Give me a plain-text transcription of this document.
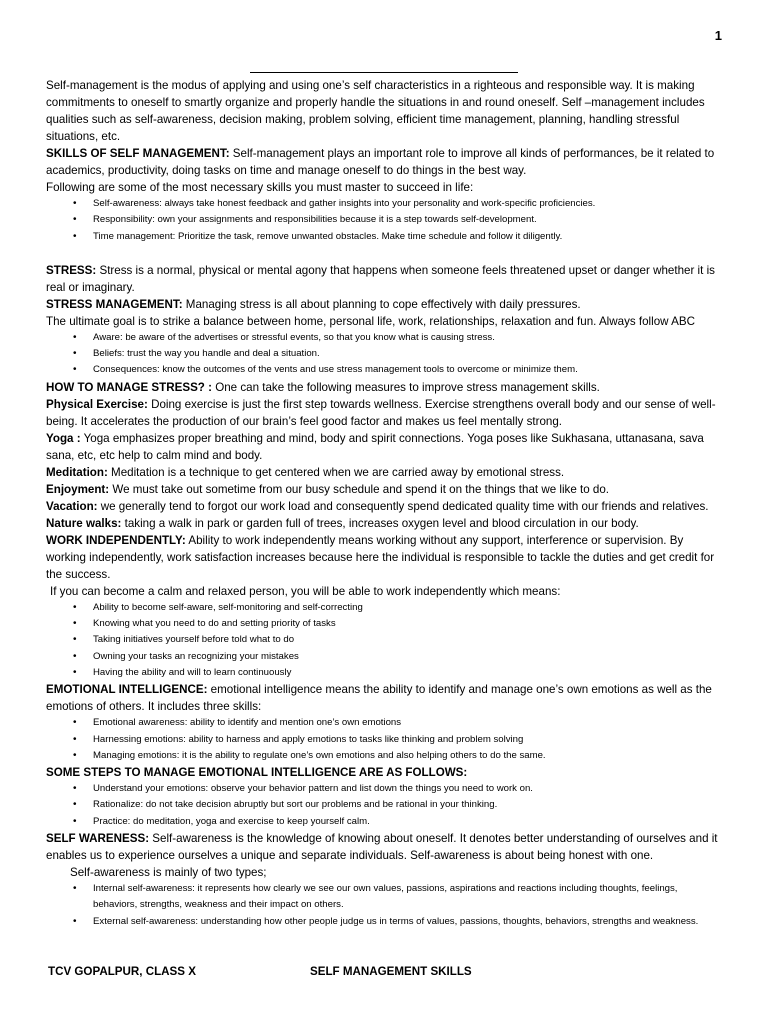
1

Self-management is the modus of applying and using one’s self characteristics in a righteous and responsible way. It is making commitments to oneself to smartly organize and properly handle the situations in and round oneself. Self –management includes qualities such as self-awareness, decision making, problem solving, efficient time management, planning, handling stressful situations, etc.

SKILLS OF SELF MANAGEMENT: Self-management plays an important role to improve all kinds of performances, be it related to academics, productivity, doing tasks on time and manage oneself to do things in the best way.

Following are some of the most necessary skills you must master to succeed in life:

• Self-awareness: always take honest feedback and gather insights into your personality and work-specific proficiencies.
• Responsibility: own your assignments and responsibilities because it is a step towards self-development.
• Time management: Prioritize the task, remove unwanted obstacles. Make time schedule and follow it diligently.

STRESS: Stress is a normal, physical or mental agony that happens when someone feels threatened upset or danger whether it is real or imaginary.

STRESS MANAGEMENT: Managing stress is all about planning to cope effectively with daily pressures.

The ultimate goal is to strike a balance between home, personal life, work, relationships, relaxation and fun. Always follow ABC

• Aware: be aware of the advertises or stressful events, so that you know what is causing stress.
• Beliefs: trust the way you handle and deal a situation.
• Consequences: know the outcomes of the vents and use stress management tools to overcome or minimize them.

HOW TO MANAGE STRESS? : One can take the following measures to improve stress management skills.

Physical Exercise: Doing exercise is just the first step towards wellness. Exercise strengthens overall body and our sense of well-being. It accelerates the production of our brain’s feel good factor and makes us feel mentally strong.

Yoga : Yoga emphasizes proper breathing and mind, body and spirit connections. Yoga poses like Sukhasana, uttanasana, sava sana, etc, etc help to calm mind and body.

Meditation: Meditation is a technique to get centered when we are carried away by emotional stress.

Enjoyment: We must take out sometime from our busy schedule and spend it on the things that we like to do.

Vacation: we generally tend to forgot our work load and consequently spend dedicated quality time with our friends and relatives.

Nature walks: taking a walk in park or garden full of trees, increases oxygen level and blood circulation in our body.

WORK INDEPENDENTLY: Ability to work independently means working without any support, interference or supervision. By working independently, work satisfaction increases because here the individual is responsible to tackle the duties and get credit for the success.

If you can become a calm and relaxed person, you will be able to work independently which means:

• Ability to become self-aware, self-monitoring and self-correcting
• Knowing what you need to do and setting priority of tasks
• Taking initiatives yourself before told what to do
• Owning your tasks an recognizing your mistakes
• Having the ability and will to learn continuously

EMOTIONAL INTELLIGENCE: emotional intelligence means the ability to identify and manage one’s own emotions as well as the emotions of others. It includes three skills:

• Emotional awareness: ability to identify and mention one’s own emotions
• Harnessing emotions: ability to harness and apply emotions to tasks like thinking and problem solving
• Managing emotions: it is the ability to regulate one’s own emotions and also helping others to do the same.

SOME STEPS TO MANAGE EMOTIONAL INTELLIGENCE ARE AS FOLLOWS:

• Understand your emotions: observe your behavior pattern and list down the things you need to work on.
• Rationalize: do not take decision abruptly but sort our problems and be rational in your thinking.
• Practice: do meditation, yoga and exercise to keep yourself calm.

SELF WARENESS: Self-awareness is the knowledge of knowing about oneself. It denotes better understanding of ourselves and it enables us to experience ourselves a unique and separate individuals. Self-awareness is about being honest with one.

Self-awareness is mainly of two types;

• Internal self-awareness: it represents how clearly we see our own values, passions, aspirations and reactions including thoughts, feelings, behaviors, strengths, weakness and their impact on others.
• External self-awareness: understanding how other people judge us in terms of values, passions, thoughts, behaviors, strengths and weakness.
TCV GOPALPUR, CLASS X	SELF MANAGEMENT SKILLS
